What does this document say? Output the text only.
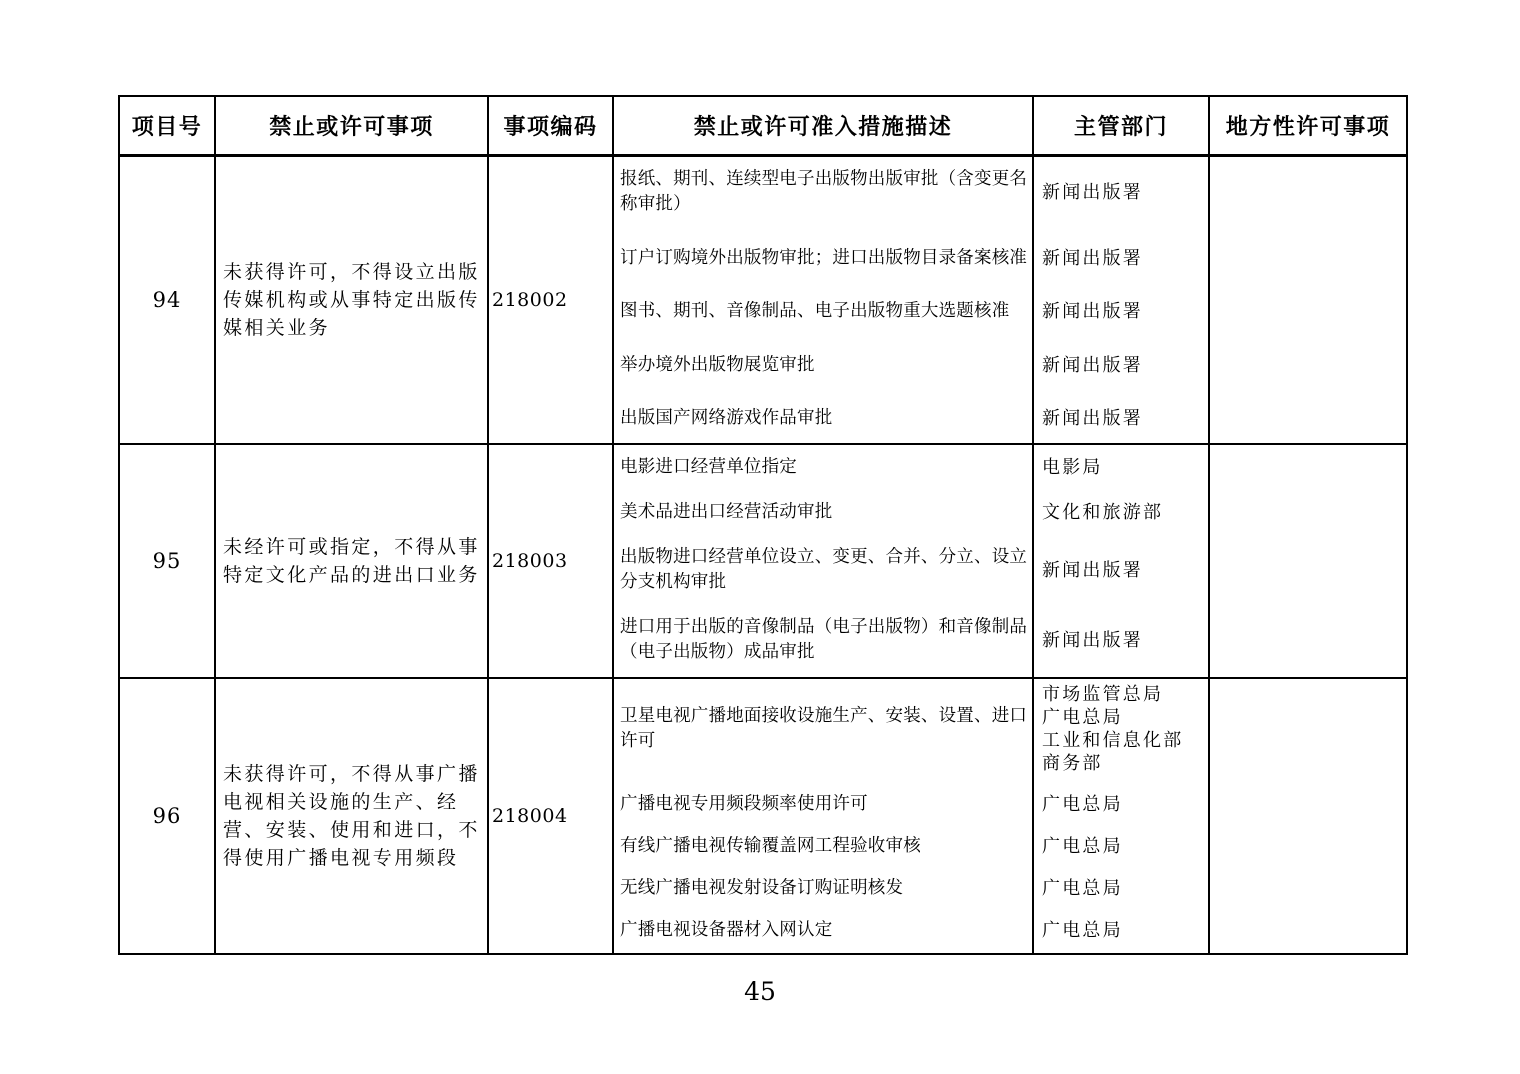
项目号	禁止或许可事项	事项编码	禁止或许可准入措施描述	主管部门	地方性许可事项
94
未获得许可，不得设立出版传媒机构或从事特定出版传媒相关业务
218002
报纸、期刊、连续型电子出版物出版审批（含变更名称审批）
新闻出版署
订户订购境外出版物审批；进口出版物目录备案核准 新闻出版署
图书、期刊、音像制品、电子出版物重大选题核准	新闻出版署
举办境外出版物展览审批	新闻出版署
出版国产网络游戏作品审批	新闻出版署
95
未经许可或指定，不得从事特定文化产品的进出口业务
218003
电影进口经营单位指定	电影局
美术品进出口经营活动审批	文化和旅游部
出版物进口经营单位设立、变更、合并、分立、设立分支机构审批
新闻出版署
进口用于出版的音像制品（电子出版物）和音像制品（电子出版物）成品审批
新闻出版署
96
未获得许可，不得从事广播电视相关设施的生产、经营、安装、使用和进口，不得使用广播电视专用频段
218004
卫星电视广播地面接收设施生产、安装、设置、进口许可
市场监管总局
广电总局
工业和信息化部
商务部
广播电视专用频段频率使用许可	广电总局
有线广播电视传输覆盖网工程验收审核	广电总局
无线广播电视发射设备订购证明核发	广电总局
广播电视设备器材入网认定	广电总局
45
